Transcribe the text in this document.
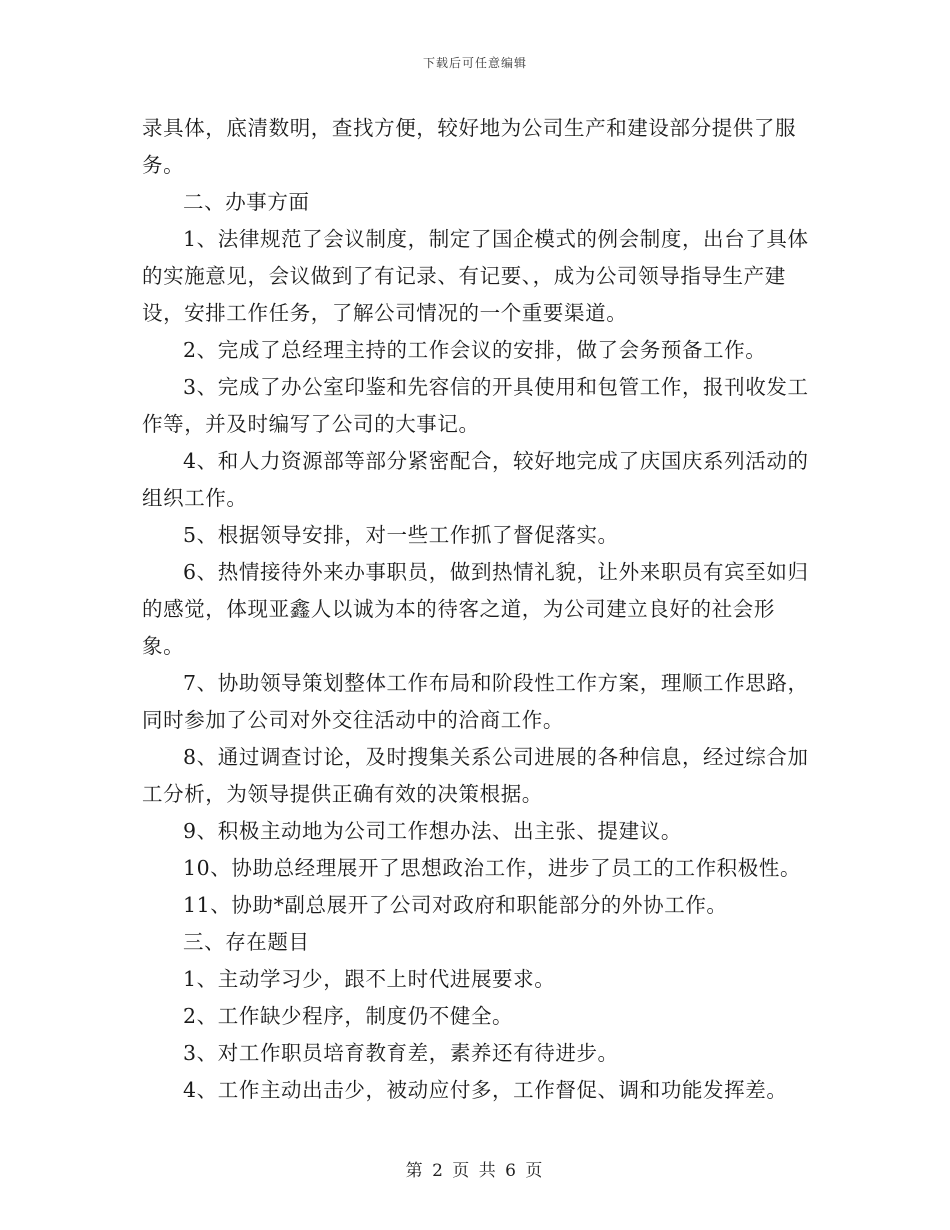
下载后可任意编辑

录具体，底清数明，查找方便，较好地为公司生产和建设部分提供了服务。

二、办事方面

1、法律规范了会议制度，制定了国企模式的例会制度，出台了具体的实施意见，会议做到了有记录、有记要、，成为公司领导指导生产建设，安排工作任务，了解公司情况的一个重要渠道。

2、完成了总经理主持的工作会议的安排，做了会务预备工作。

3、完成了办公室印鉴和先容信的开具使用和包管工作，报刊收发工作等，并及时编写了公司的大事记。

4、和人力资源部等部分紧密配合，较好地完成了庆国庆系列活动的组织工作。

5、根据领导安排，对一些工作抓了督促落实。

6、热情接待外来办事职员，做到热情礼貌，让外来职员有宾至如归的感觉，体现亚鑫人以诚为本的待客之道，为公司建立良好的社会形象。

7、协助领导策划整体工作布局和阶段性工作方案，理顺工作思路，同时参加了公司对外交往活动中的洽商工作。

8、通过调查讨论，及时搜集关系公司进展的各种信息，经过综合加工分析，为领导提供正确有效的决策根据。

9、积极主动地为公司工作想办法、出主张、提建议。

10、协助总经理展开了思想政治工作，进步了员工的工作积极性。

11、协助*副总展开了公司对政府和职能部分的外协工作。

三、存在题目

1、主动学习少，跟不上时代进展要求。

2、工作缺少程序，制度仍不健全。

3、对工作职员培育教育差，素养还有待进步。

4、工作主动出击少，被动应付多，工作督促、调和功能发挥差。

第 2 页 共 6 页
